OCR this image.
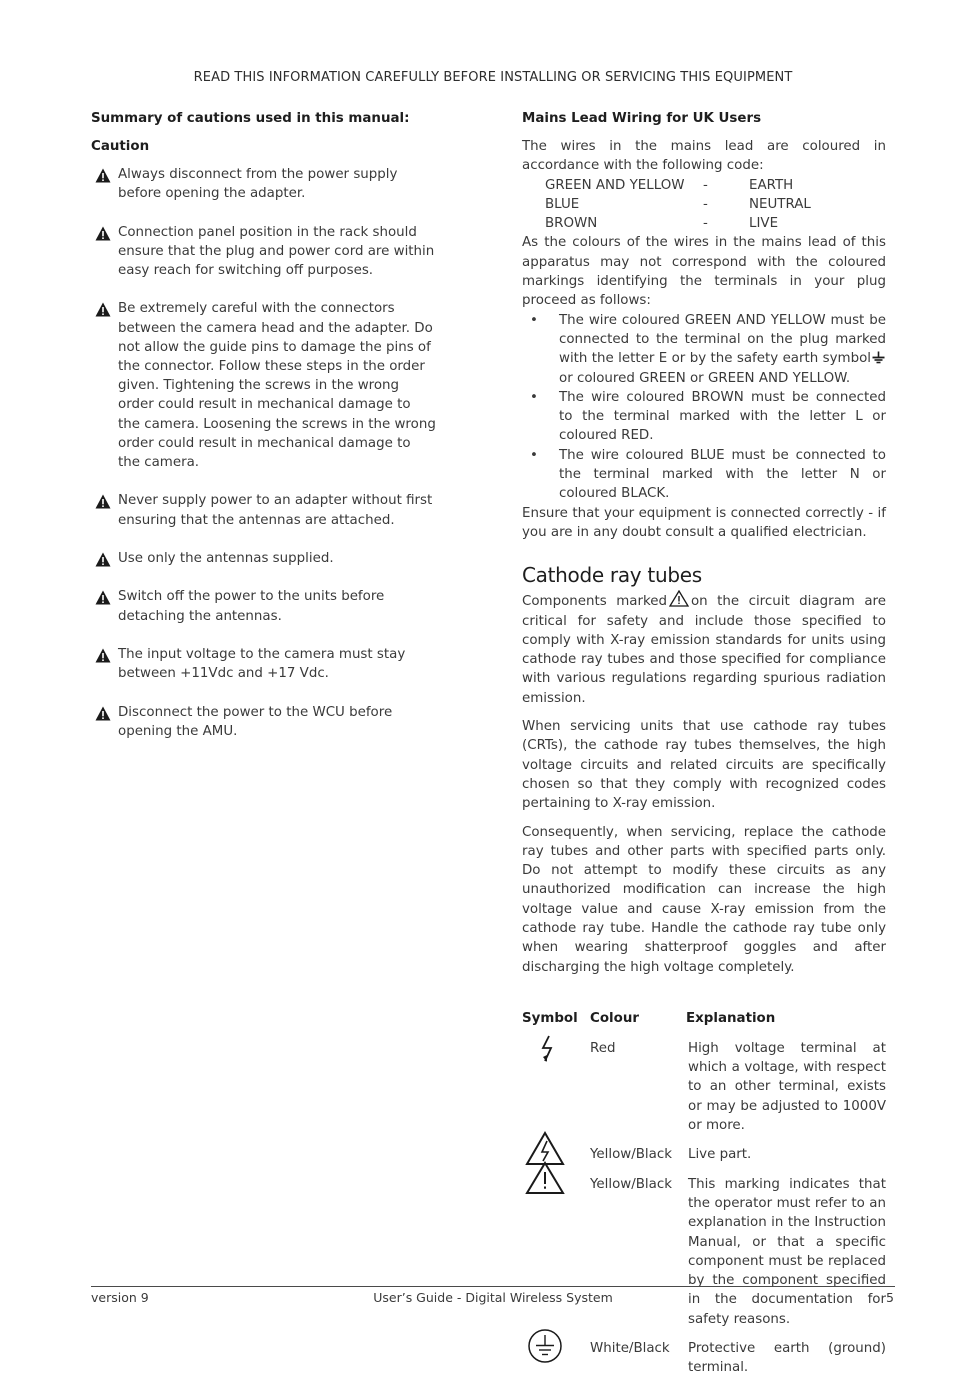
READ THIS INFORMATION CAREFULLY BEFORE INSTALLING OR SERVICING THIS EQUIPMENT

Summary of cautions used in this manual:

Caution

Always disconnect from the power supply before opening the adapter.
Connection panel position in the rack should ensure that the plug and power cord are within easy reach for switching off purposes.
Be extremely careful with the connectors between the camera head and the adapter. Do not allow the guide pins to damage the pins of the connector. Follow these steps in the order given. Tightening the screws in the wrong order could result in mechanical damage to the camera. Loosening the screws in the wrong order could result in mechanical damage to the camera.
Never supply power to an adapter without first ensuring that the antennas are attached.
Use only the antennas supplied.
Switch off the power to the units before detaching the antennas.
The input voltage to the camera must stay between +11Vdc and +17 Vdc.
Disconnect the power to the WCU before opening the AMU.

Mains Lead Wiring for UK Users

The wires in the mains lead are coloured in accordance with the following code:

GREEN AND YELLOW	-	EARTH
BLUE	-	NEUTRAL
BROWN	-	LIVE

As the colours of the wires in the mains lead of this apparatus may not correspond with the coloured markings identifying the terminals in your plug proceed as follows:

• The wire coloured GREEN AND YELLOW must be connected to the terminal on the plug marked with the letter E or by the safety earth symbolor coloured GREEN or GREEN AND YELLOW.
• The wire coloured BROWN must be connected to the terminal marked with the letter L or coloured RED.
• The wire coloured BLUE must be connected to the terminal marked with the letter N or coloured BLACK.

Ensure that your equipment is connected correctly - if you are in any doubt consult a qualified electrician.

Cathode ray tubes

Components marked on the circuit diagram are critical for safety and include those specified to comply with X-ray emission standards for units using cathode ray tubes and those specified for compliance with various regulations regarding spurious radiation emission.

When servicing units that use cathode ray tubes (CRTs), the cathode ray tubes themselves, the high voltage circuits and related circuits are specifically chosen so that they comply with recognized codes pertaining to X-ray emission.

Consequently, when servicing, replace the cathode ray tubes and other parts with specified parts only. Do not attempt to modify these circuits as any unauthorized modification can increase the high voltage value and cause X-ray emission from the cathode ray tube. Handle the cathode ray tube only when wearing shatterproof goggles and after discharging the high voltage completely.

Symbol Colour	Explanation
Red	High voltage terminal at which a voltage, with respect to an other terminal, exists or may be adjusted to 1000V or more.
Yellow/Black	Live part.
Yellow/Black	This marking indicates that the operator must refer to an explanation in the Instruction Manual, or that a specific component must be replaced by the component specified in the documentation for safety reasons.
White/Black	Protective earth (ground) terminal.
version 9	User’s Guide - Digital Wireless System	5
